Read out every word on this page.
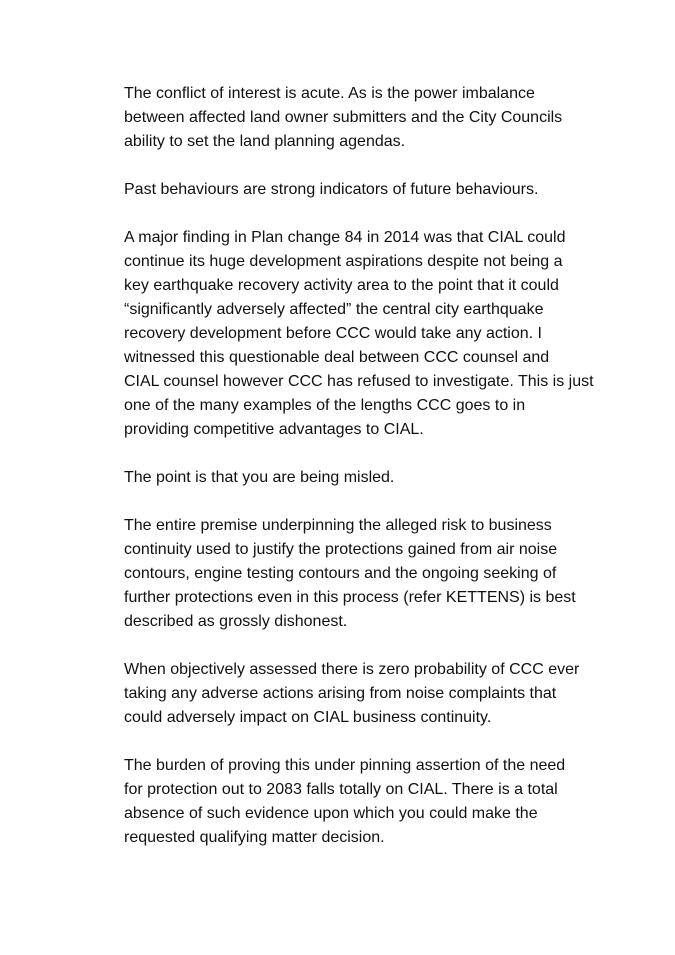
The conflict of interest is acute. As is the power imbalance
between affected land owner submitters and the City Councils
ability to set the land planning agendas.

Past behaviours are strong indicators of future behaviours.

A major finding in Plan change 84 in 2014 was that CIAL could
continue its huge development aspirations despite not being a
key earthquake recovery activity area to the point that it could
“significantly adversely affected” the central city earthquake
recovery development before CCC would take any action. I
witnessed this questionable deal between CCC counsel and
CIAL counsel however CCC has refused to investigate. This is just
one of the many examples of the lengths CCC goes to in
providing competitive advantages to CIAL.

The point is that you are being misled.

The entire premise underpinning the alleged risk to business
continuity used to justify the protections gained from air noise
contours, engine testing contours and the ongoing seeking of
further protections even in this process (refer KETTENS) is best
described as grossly dishonest.

When objectively assessed there is zero probability of CCC ever
taking any adverse actions arising from noise complaints that
could adversely impact on CIAL business continuity.

The burden of proving this under pinning assertion of the need
for protection out to 2083 falls totally on CIAL. There is a total
absence of such evidence upon which you could make the
requested qualifying matter decision.
